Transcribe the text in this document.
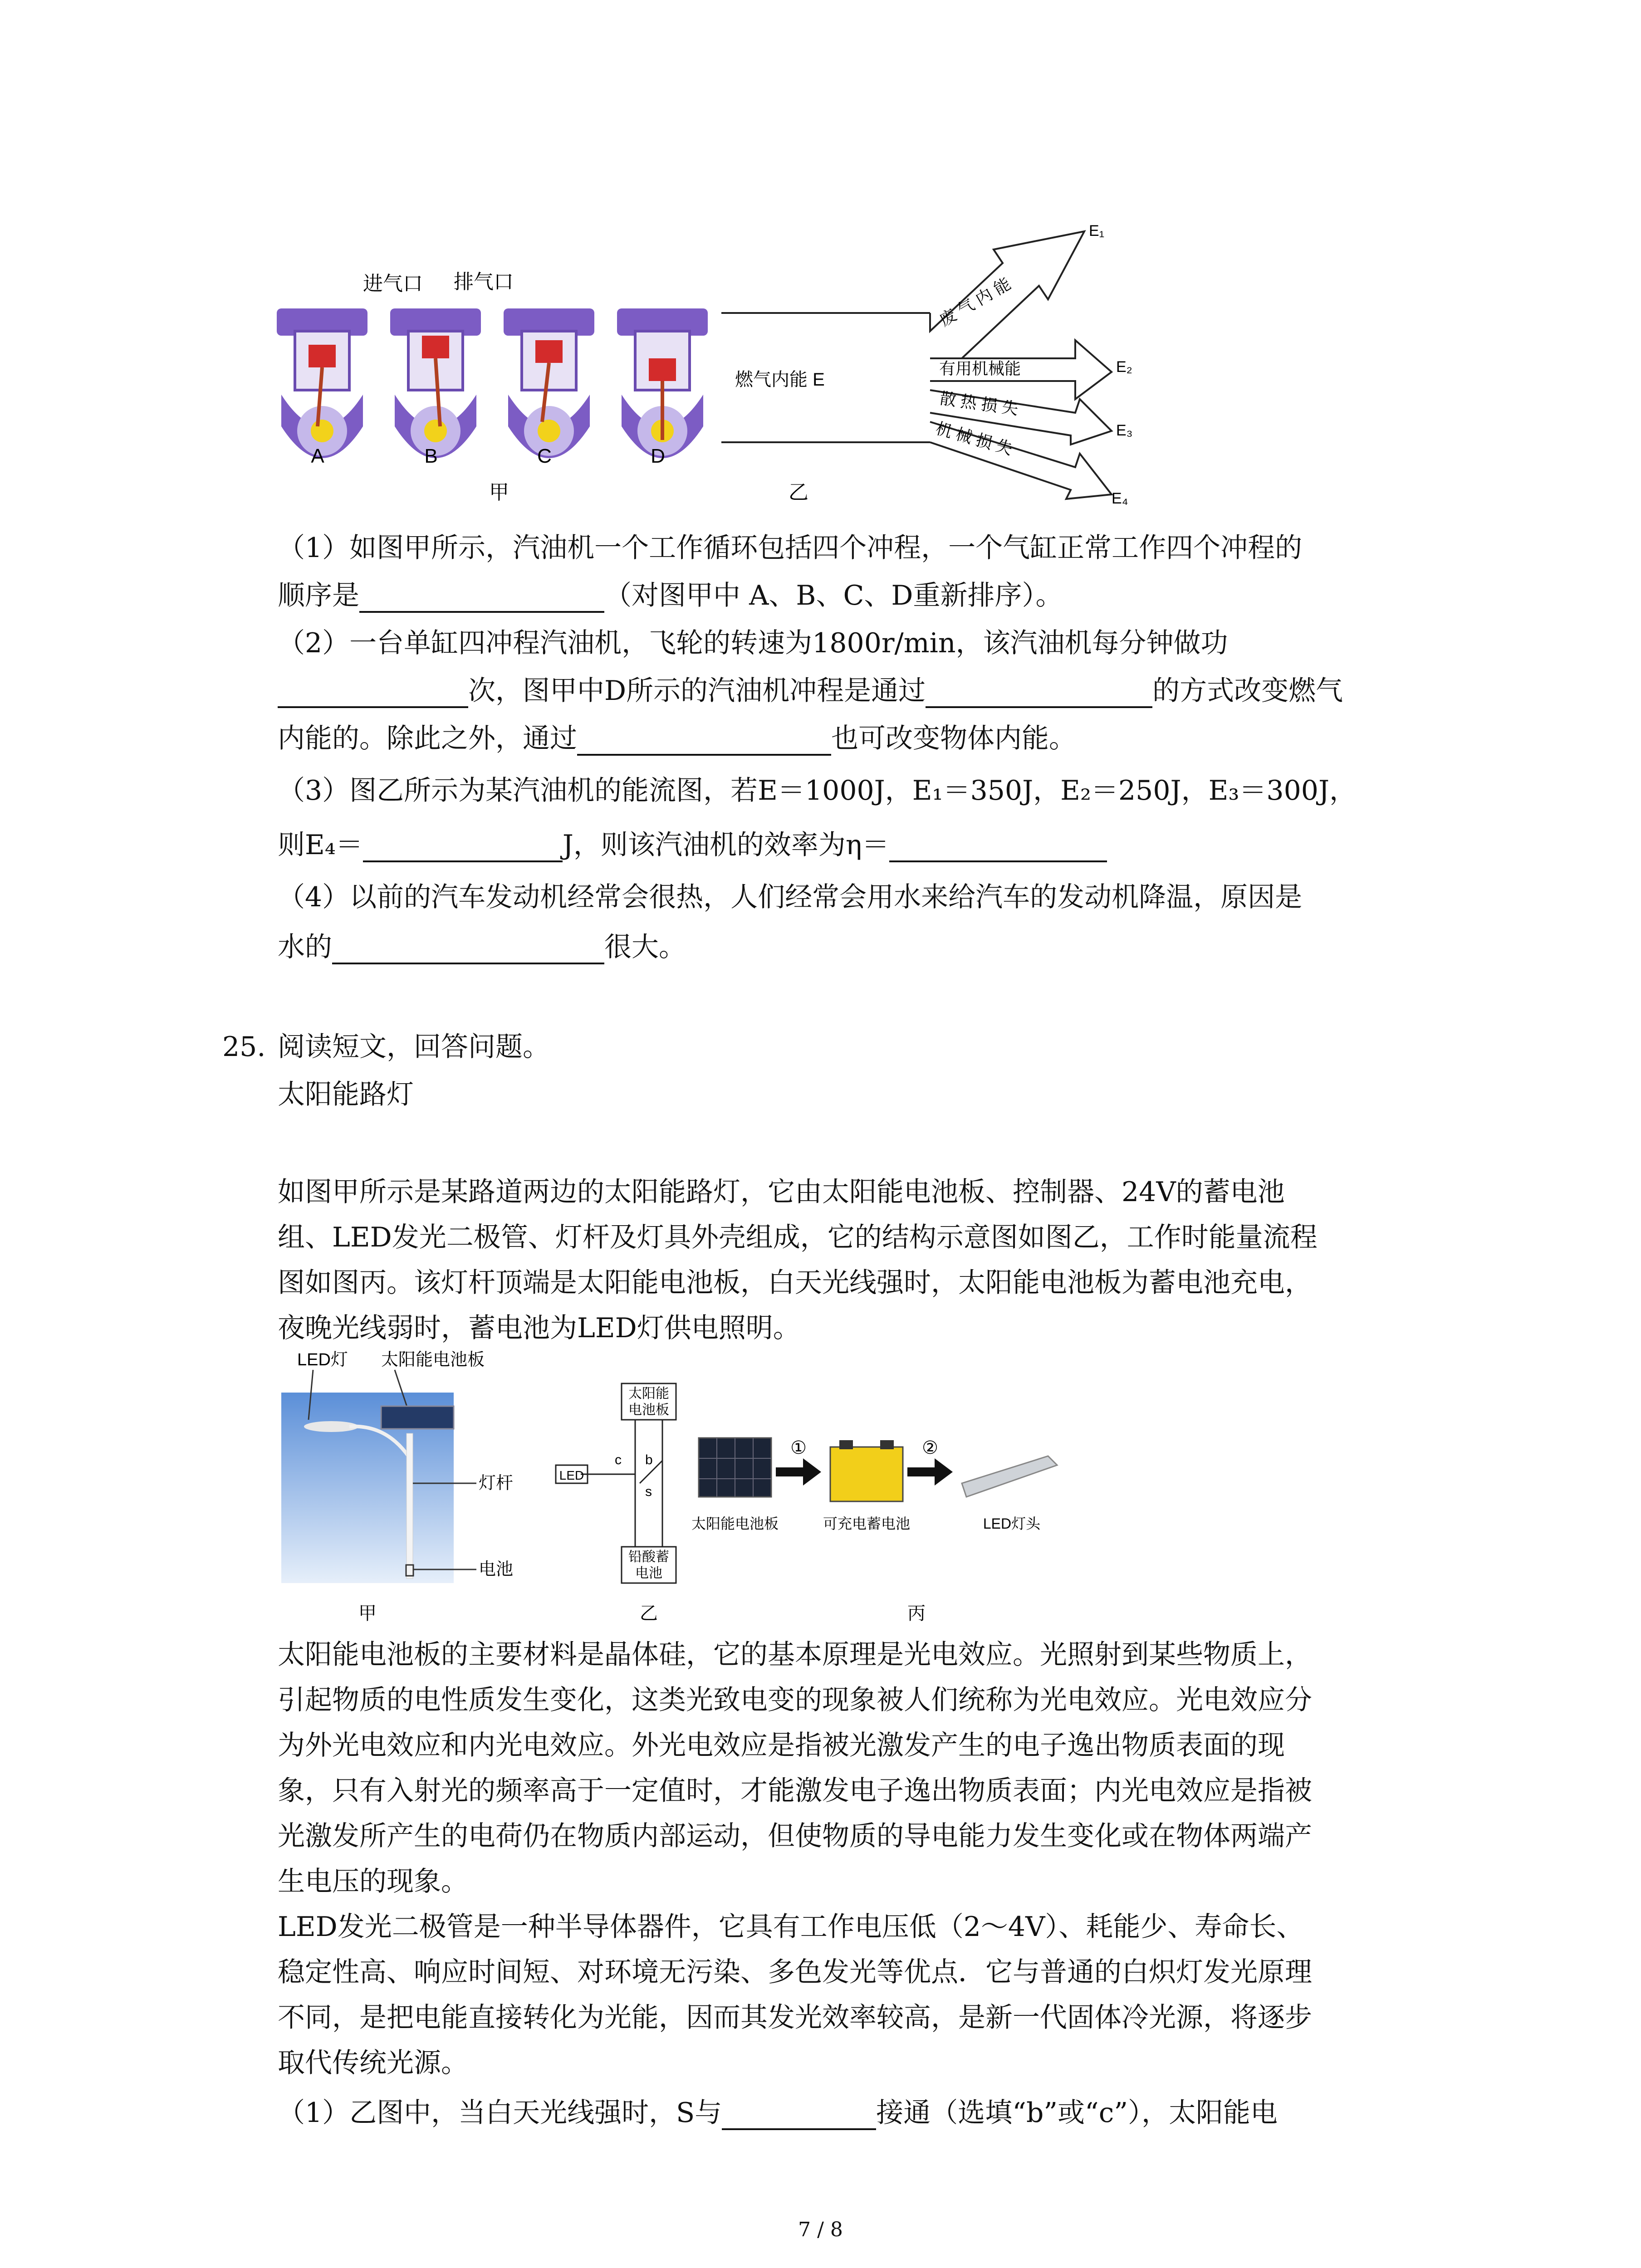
进气口 排气口
A	B	C	D
甲
燃气内能 E
乙
废 气 内 能
有用机械能
散 热 损 失
机 械 损 失
E₁
E₂
E₃
E₄
（1）如图甲所示，汽油机一个工作循环包括四个冲程，一个气缸正常工作四个冲程的
顺序是	（对图甲中 A、B、C、D重新排序）。
（2）一台单缸四冲程汽油机，飞轮的转速为1800r/min，该汽油机每分钟做功
次，图甲中D所示的汽油机冲程是通过	的方式改变燃气
内能的。除此之外，通过	也可改变物体内能。
（3）图乙所示为某汽油机的能流图，若E＝1000J，E₁＝350J，E₂＝250J，E₃＝300J，
则E₄＝	J，则该汽油机的效率为η＝
（4）以前的汽车发动机经常会很热，人们经常会用水来给汽车的发动机降温，原因是
水的	很大。
25. 阅读短文，回答问题。
太阳能路灯
如图甲所示是某路道两边的太阳能路灯，它由太阳能电池板、控制器、24V的蓄电池
组、LED发光二极管、灯杆及灯具外壳组成，它的结构示意图如图乙，工作时能量流程
图如图丙。该灯杆顶端是太阳能电池板，白天光线强时，太阳能电池板为蓄电池充电，
夜晚光线弱时，蓄电池为LED灯供电照明。
LED灯 太阳能电池板
灯杆
电池
甲
太阳能
电池板
铅酸蓄
电池
LED
c b
s
乙
太阳能电池板
①
可充电蓄电池
②
LED灯头
丙
太阳能电池板的主要材料是晶体硅，它的基本原理是光电效应。光照射到某些物质上，
引起物质的电性质发生变化，这类光致电变的现象被人们统称为光电效应。光电效应分
为外光电效应和内光电效应。外光电效应是指被光激发产生的电子逸出物质表面的现
象，只有入射光的频率高于一定值时，才能激发电子逸出物质表面；内光电效应是指被
光激发所产生的电荷仍在物质内部运动，但使物质的导电能力发生变化或在物体两端产
生电压的现象。
LED发光二极管是一种半导体器件，它具有工作电压低（2～4V）、耗能少、寿命长、
稳定性高、响应时间短、对环境无污染、多色发光等优点．它与普通的白炽灯发光原理
不同，是把电能直接转化为光能，因而其发光效率较高，是新一代固体冷光源，将逐步
取代传统光源。
（1）乙图中，当白天光线强时，S与	接通（选填“b”或“c”），太阳能电
7 / 8
